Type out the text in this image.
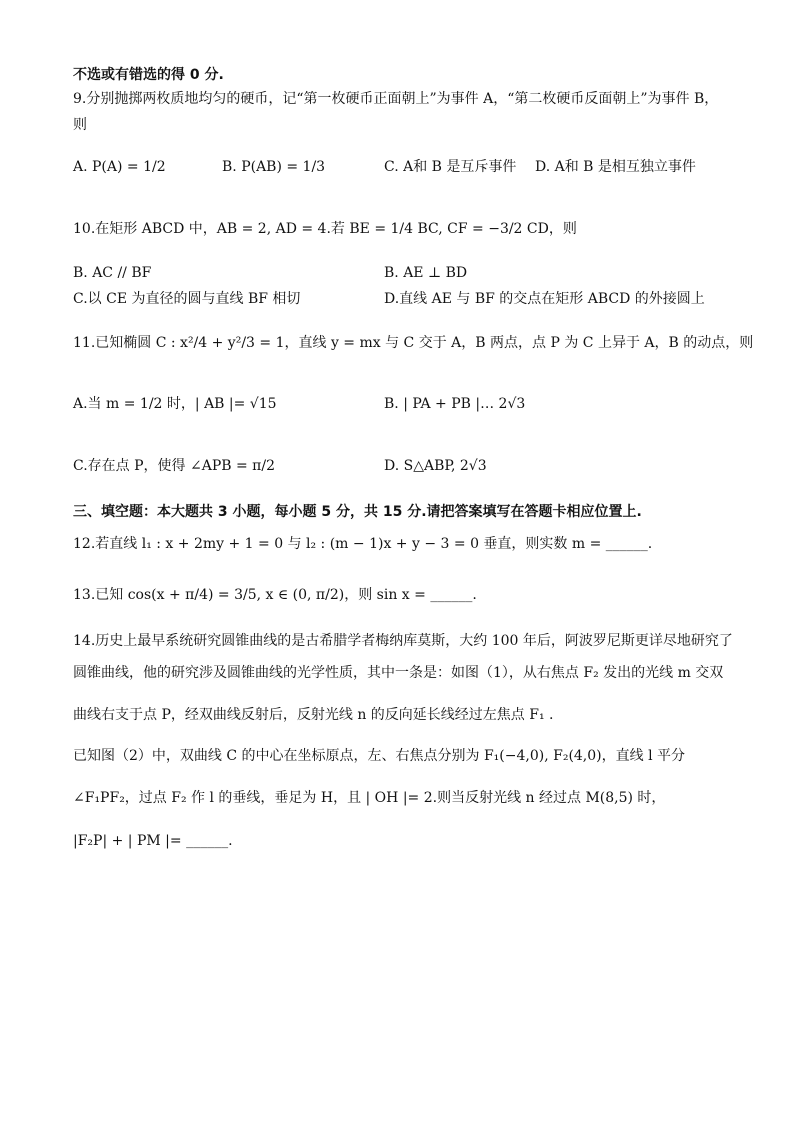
不选或有错选的得 0 分.
9.分别抛掷两枚质地均匀的硬币，记“第一枚硬币正面朝上”为事件 A，“第二枚硬币反面朝上”为事件 B，
则
A. P(A) = 1/2	B. P(AB) = 1/3	C. A和 B 是互斥事件 D. A和 B 是相互独立事件
10.在矩形 ABCD 中，AB = 2, AD = 4.若 BE = 1/4 BC, CF = −3/2 CD，则
B. AC // BF	B. AE ⊥ BD
C.以 CE 为直径的圆与直线 BF 相切	D.直线 AE 与 BF 的交点在矩形 ABCD 的外接圆上
11.已知椭圆 C : x²/4 + y²/3 = 1，直线 y = mx 与 C 交于 A，B 两点，点 P 为 C 上异于 A，B 的动点，则
A.当 m = 1/2 时，| AB |= √15	B. | PA + PB |… 2√3
C.存在点 P，使得 ∠APB = π/2	D. S△ABP, 2√3
三、填空题：本大题共 3 小题，每小题 5 分，共 15 分.请把答案填写在答题卡相应位置上.
12.若直线 l₁ : x + 2my + 1 = 0 与 l₂ : (m − 1)x + y − 3 = 0 垂直，则实数 m = ______.
13.已知 cos(x + π/4) = 3/5, x ∈ (0, π/2)，则 sin x = ______.
14.历史上最早系统研究圆锥曲线的是古希腊学者梅纳库莫斯，大约 100 年后，阿波罗尼斯更详尽地研究了
圆锥曲线，他的研究涉及圆锥曲线的光学性质，其中一条是：如图（1），从右焦点 F₂ 发出的光线 m 交双
曲线右支于点 P，经双曲线反射后，反射光线 n 的反向延长线经过左焦点 F₁ .
已知图（2）中，双曲线 C 的中心在坐标原点，左、右焦点分别为 F₁(−4,0), F₂(4,0)，直线 l 平分
∠F₁PF₂，过点 F₂ 作 l 的垂线，垂足为 H，且 | OH |= 2.则当反射光线 n 经过点 M(8,5) 时，
|F₂P| + | PM |= ______.
